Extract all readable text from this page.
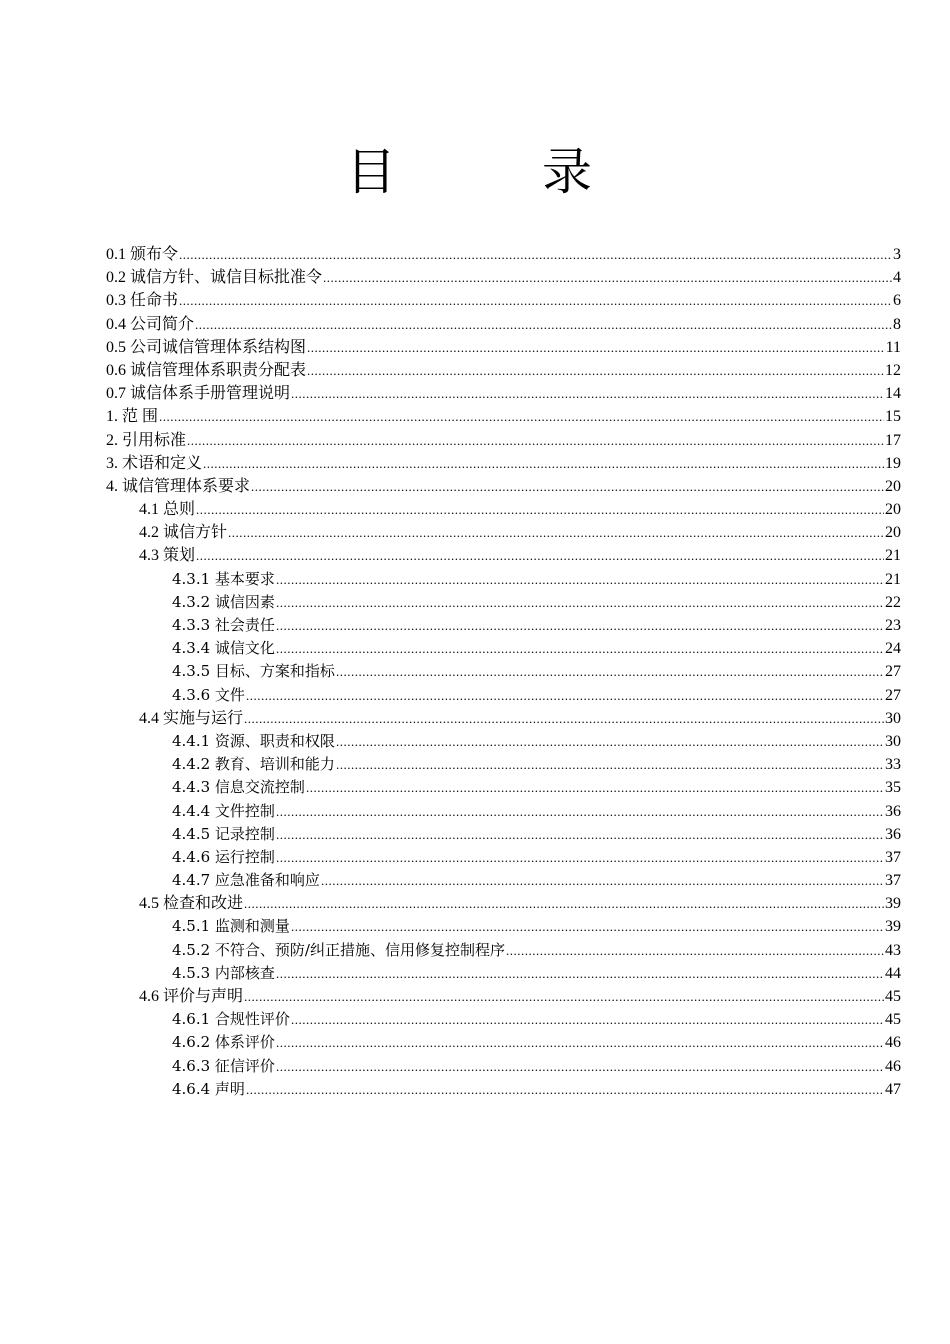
目　录
0.1 颁布令 .....	3
0.2 诚信方针、诚信目标批准令 .....	4
0.3 任命书 .....	6
0.4 公司简介 .....	8
0.5 公司诚信管理体系结构图 .....	11
0.6 诚信管理体系职责分配表 .....	12
0.7 诚信体系手册管理说明 .....	14
1. 范 围 .....	15
2. 引用标准 .....	17
3. 术语和定义 .....	19
4. 诚信管理体系要求 .....	20
4.1 总则 .....	20
4.2 诚信方针 .....	20
4.3 策划 .....	21
4.3.1 基本要求 .....	21
4.3.2 诚信因素 .....	22
4.3.3 社会责任 .....	23
4.3.4 诚信文化 .....	24
4.3.5 目标、方案和指标 .....	27
4.3.6 文件 .....	27
4.4 实施与运行 .....	30
4.4.1 资源、职责和权限 .....	30
4.4.2 教育、培训和能力 .....	33
4.4.3 信息交流控制 .....	35
4.4.4 文件控制 .....	36
4.4.5 记录控制 .....	36
4.4.6 运行控制 .....	37
4.4.7 应急准备和响应 .....	37
4.5 检查和改进 .....	39
4.5.1 监测和测量 .....	39
4.5.2 不符合、预防/纠正措施、信用修复控制程序 .....	43
4.5.3 内部核查 .....	44
4.6 评价与声明 .....	45
4.6.1 合规性评价 .....	45
4.6.2 体系评价 .....	46
4.6.3 征信评价 .....	46
4.6.4 声明 .....	47
